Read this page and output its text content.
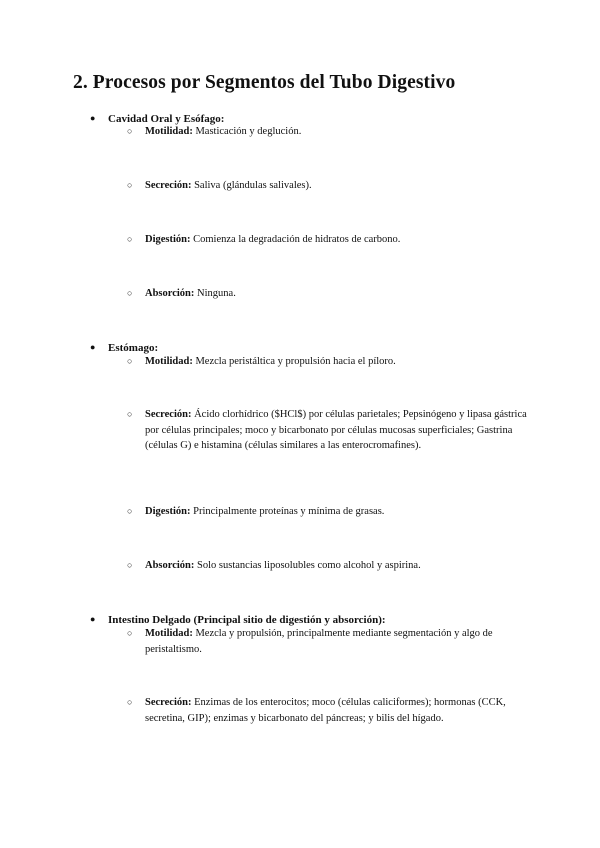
2. Procesos por Segmentos del Tubo Digestivo
● Cavidad Oral y Esófago:
○ Motilidad: Masticación y deglución.
○ Secreción: Saliva (glándulas salivales).
○ Digestión: Comienza la degradación de hidratos de carbono.
○ Absorción: Ninguna.
● Estómago:
○ Motilidad: Mezcla peristáltica y propulsión hacia el píloro.
○ Secreción: Ácido clorhídrico ($HCl$) por células parietales; Pepsinógeno y lipasa gástrica por células principales; moco y bicarbonato por células mucosas superficiales; Gastrina (células G) e histamina (células similares a las enterocromafines).
○ Digestión: Principalmente proteínas y mínima de grasas.
○ Absorción: Solo sustancias liposolubles como alcohol y aspirina.
● Intestino Delgado (Principal sitio de digestión y absorción):
○ Motilidad: Mezcla y propulsión, principalmente mediante segmentación y algo de peristaltismo.
○ Secreción: Enzimas de los enterocitos; moco (células caliciformes); hormonas (CCK, secretina, GIP); enzimas y bicarbonato del páncreas; y bilis del hígado.
